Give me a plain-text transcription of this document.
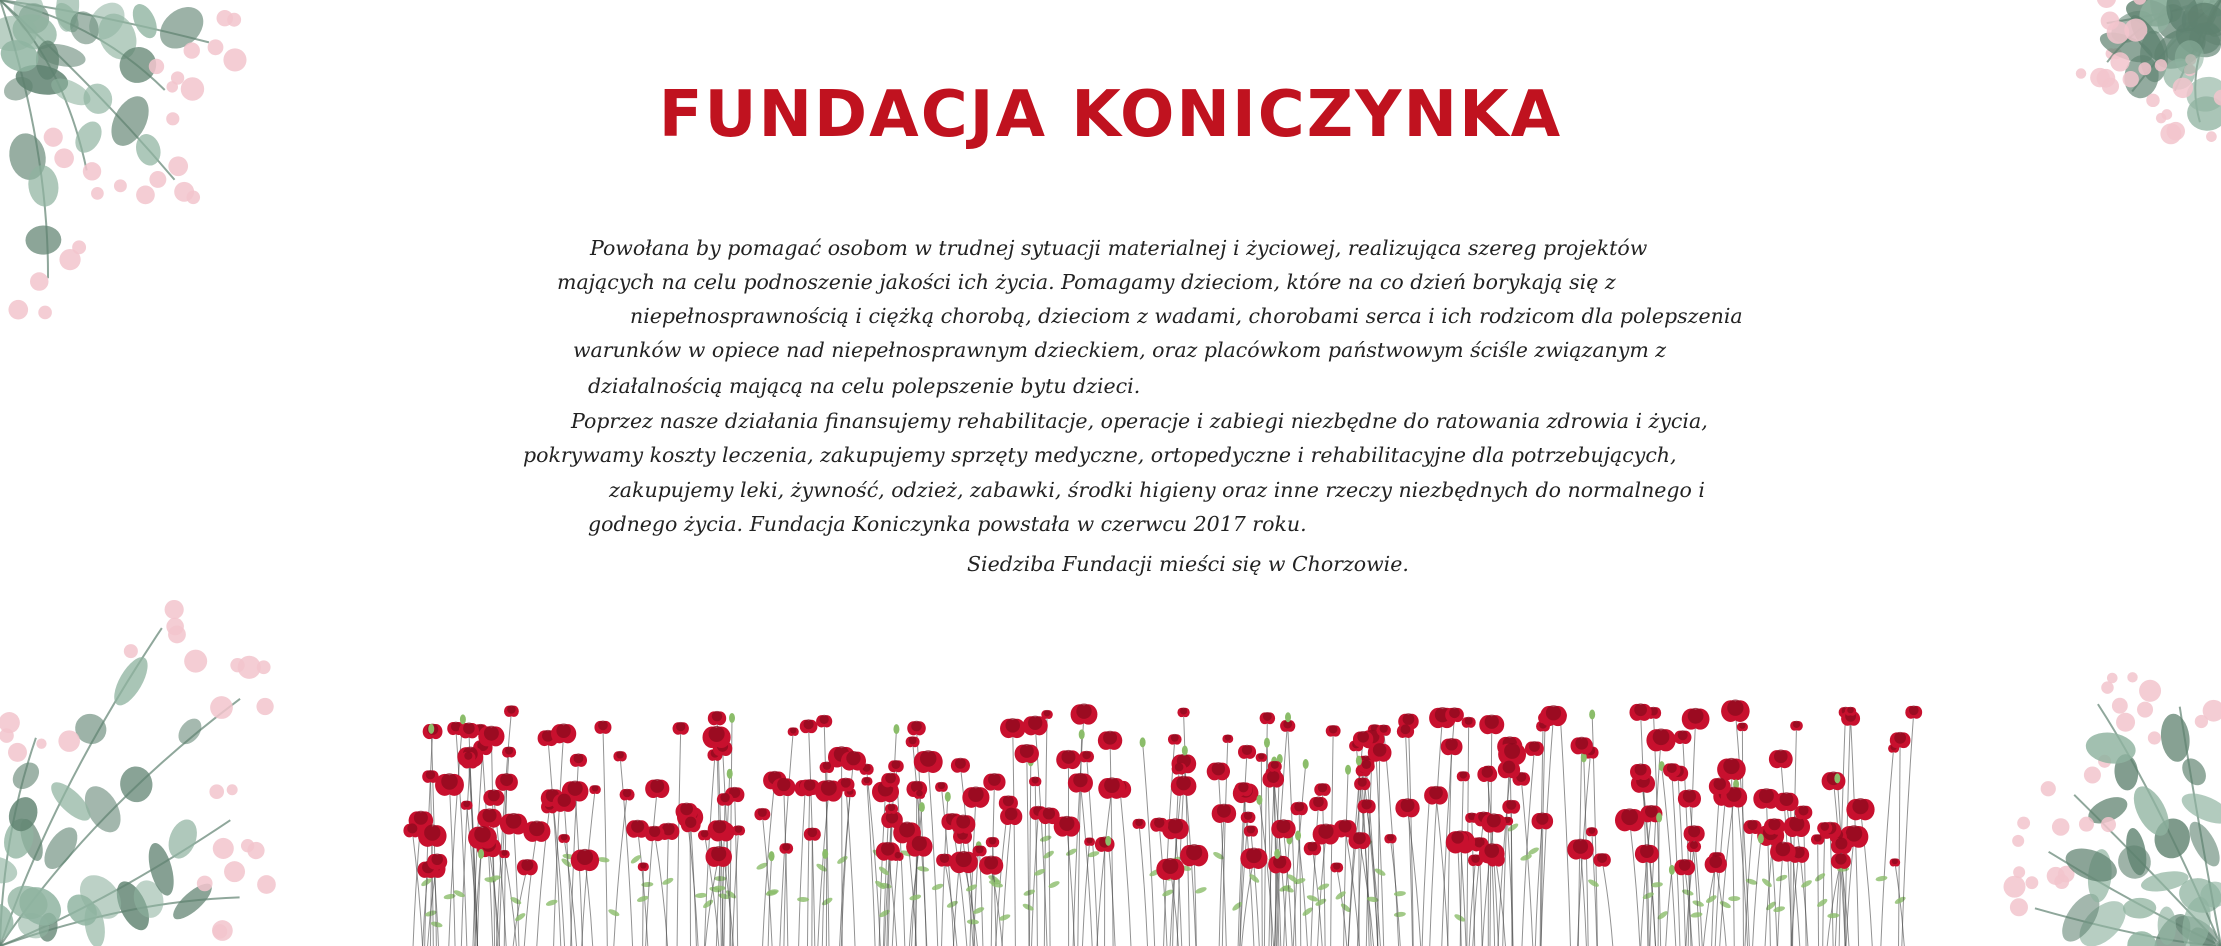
FUNDACJA KONICZYNKA

Powołana by pomagać osobom w trudnej sytuacji materialnej i życiowej, realizująca szereg projektów

mających na celu podnoszenie jakości ich życia. Pomagamy dzieciom, które na co dzień borykają się z

niepełnosprawnością i ciężką chorobą, dzieciom z wadami, chorobami serca i ich rodzicom dla polepszenia

warunków w opiece nad niepełnosprawnym dzieckiem, oraz placówkom państwowym ściśle związanym z

działalnością mającą na celu polepszenie bytu dzieci.

Poprzez nasze działania finansujemy rehabilitacje, operacje i zabiegi niezbędne do ratowania zdrowia i życia,

pokrywamy koszty leczenia, zakupujemy sprzęty medyczne, ortopedyczne i rehabilitacyjne dla potrzebujących,

zakupujemy leki, żywność, odzież, zabawki, środki higieny oraz inne rzeczy niezbędnych do normalnego i

godnego życia. Fundacja Koniczynka powstała w czerwcu 2017 roku.

Siedziba Fundacji mieści się w Chorzowie.
